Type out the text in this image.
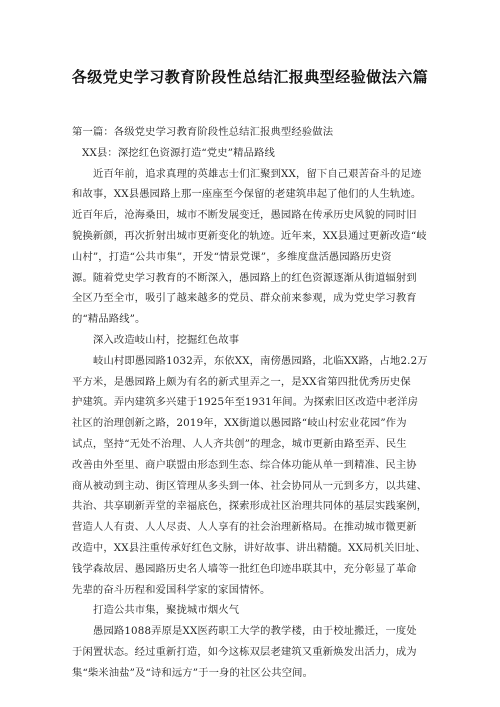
各级党史学习教育阶段性总结汇报典型经验做法六篇
第一篇：各级党史学习教育阶段性总结汇报典型经验做法
XX县：深挖红色资源打造“党史”精品路线
近百年前，追求真理的英雄志士们汇聚到XX，留下自己艰苦奋斗的足迹
和故事，XX县愚园路上那一座座至今保留的老建筑串起了他们的人生轨迹。
近百年后，沧海桑田，城市不断发展变迁，愚园路在传承历史风貌的同时旧
貌换新颜，再次折射出城市更新变化的轨迹。近年来，XX县通过更新改造“岐
山村”，打造“公共市集”，开发“情景党课”，多维度盘活愚园路历史资
源。随着党史学习教育的不断深入，愚园路上的红色资源逐渐从街道辐射到
全区乃至全市，吸引了越来越多的党员、群众前来参观，成为党史学习教育
的“精品路线”。
深入改造岐山村，挖掘红色故事
岐山村即愚园路1032弄，东依XX，南傍愚园路，北临XX路，占地2.2万
平方米，是愚园路上颇为有名的新式里弄之一，是XX省第四批优秀历史保
护建筑。弄内建筑多兴建于1925年至1931年间。为探索旧区改造中老洋房
社区的治理创新之路，2019年，XX街道以愚园路“岐山村宏业花园”作为
试点，坚持“无处不治理、人人齐共创”的理念，城市更新由路至弄、民生
改善由外至里、商户联盟由形态到生态、综合体功能从单一到精准、民主协
商从被动到主动、街区管理从多头到一体、社会协同从一元到多方，以共建、
共治、共享刷新弄堂的幸福底色，探索形成社区治理共同体的基层实践案例，
营造人人有责、人人尽责、人人享有的社会治理新格局。在推动城市微更新
改造中，XX县注重传承好红色文脉，讲好故事、讲出精髓。XX局机关旧址、
钱学森故居、愚园路历史名人墙等一批红色印迹串联其中，充分彰显了革命
先辈的奋斗历程和爱国科学家的家国情怀。
打造公共市集，聚拢城市烟火气
愚园路1088弄原是XX医药职工大学的教学楼，由于校址搬迁，一度处
于闲置状态。经过重新打造，如今这栋双层老建筑又重新焕发出活力，成为
集“柴米油盐”及“诗和远方”于一身的社区公共空间。
